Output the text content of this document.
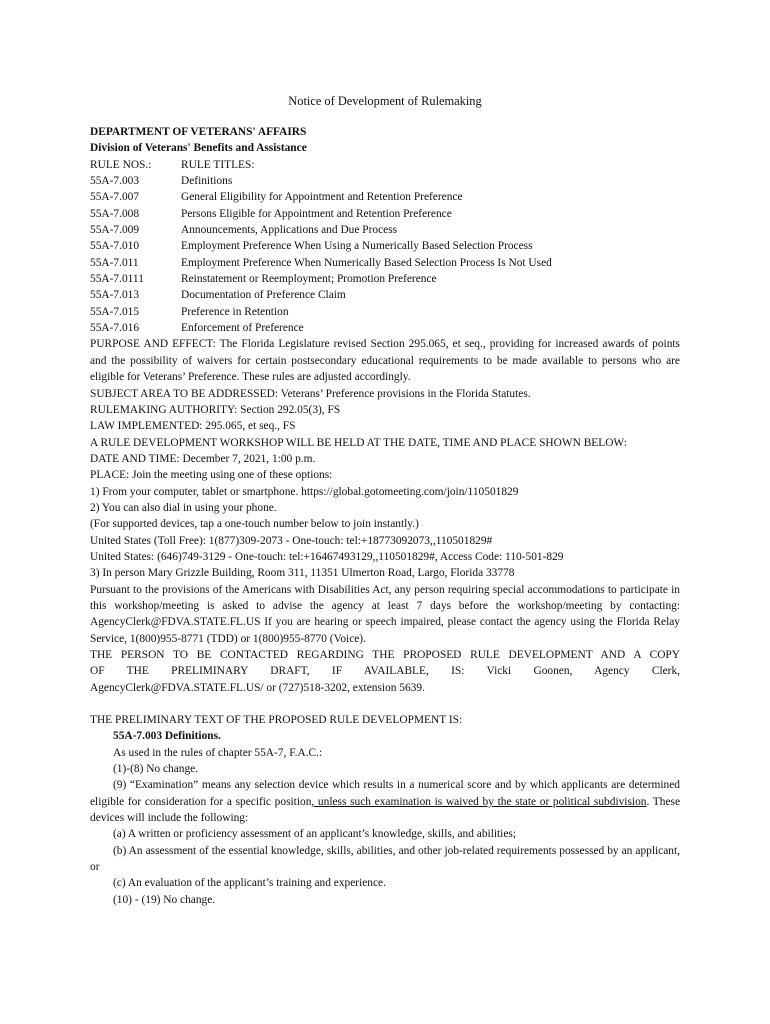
Notice of Development of Rulemaking
DEPARTMENT OF VETERANS' AFFAIRS
Division of Veterans' Benefits and Assistance
RULE NOS.:	RULE TITLES:
55A-7.003	Definitions
55A-7.007	General Eligibility for Appointment and Retention Preference
55A-7.008	Persons Eligible for Appointment and Retention Preference
55A-7.009	Announcements, Applications and Due Process
55A-7.010	Employment Preference When Using a Numerically Based Selection Process
55A-7.011	Employment Preference When Numerically Based Selection Process Is Not Used
55A-7.0111	Reinstatement or Reemployment; Promotion Preference
55A-7.013	Documentation of Preference Claim
55A-7.015	Preference in Retention
55A-7.016	Enforcement of Preference
PURPOSE AND EFFECT: The Florida Legislature revised Section 295.065, et seq., providing for increased awards of points and the possibility of waivers for certain postsecondary educational requirements to be made available to persons who are eligible for Veterans’ Preference. These rules are adjusted accordingly.
SUBJECT AREA TO BE ADDRESSED: Veterans’ Preference provisions in the Florida Statutes.
RULEMAKING AUTHORITY: Section 292.05(3), FS
LAW IMPLEMENTED: 295.065, et seq., FS
A RULE DEVELOPMENT WORKSHOP WILL BE HELD AT THE DATE, TIME AND PLACE SHOWN BELOW:
DATE AND TIME: December 7, 2021, 1:00 p.m.
PLACE: Join the meeting using one of these options:
1) From your computer, tablet or smartphone. https://global.gotomeeting.com/join/110501829
2) You can also dial in using your phone.
(For supported devices, tap a one-touch number below to join instantly.)
United States (Toll Free): 1(877)309-2073 - One-touch: tel:+18773092073,,110501829#
United States: (646)749-3129 - One-touch: tel:+16467493129,,110501829#, Access Code: 110-501-829
3) In person Mary Grizzle Building, Room 311, 11351 Ulmerton Road, Largo, Florida 33778
Pursuant to the provisions of the Americans with Disabilities Act, any person requiring special accommodations to participate in this workshop/meeting is asked to advise the agency at least 7 days before the workshop/meeting by contacting: AgencyClerk@FDVA.STATE.FL.US If you are hearing or speech impaired, please contact the agency using the Florida Relay Service, 1(800)955-8771 (TDD) or 1(800)955-8770 (Voice).
THE PERSON TO BE CONTACTED REGARDING THE PROPOSED RULE DEVELOPMENT AND A COPY
OF THE PRELIMINARY DRAFT, IF AVAILABLE, IS: Vicki Goonen, Agency Clerk,
AgencyClerk@FDVA.STATE.FL.US/ or (727)518-3202, extension 5639.
THE PRELIMINARY TEXT OF THE PROPOSED RULE DEVELOPMENT IS:
55A-7.003 Definitions.
As used in the rules of chapter 55A-7, F.A.C.:
(1)-(8) No change.
(9) “Examination” means any selection device which results in a numerical score and by which applicants are determined eligible for consideration for a specific position, unless such examination is waived by the state or political subdivision. These devices will include the following:
(a) A written or proficiency assessment of an applicant’s knowledge, skills, and abilities;
(b) An assessment of the essential knowledge, skills, abilities, and other job-related requirements possessed by an applicant, or
(c) An evaluation of the applicant’s training and experience.
(10) - (19) No change.
